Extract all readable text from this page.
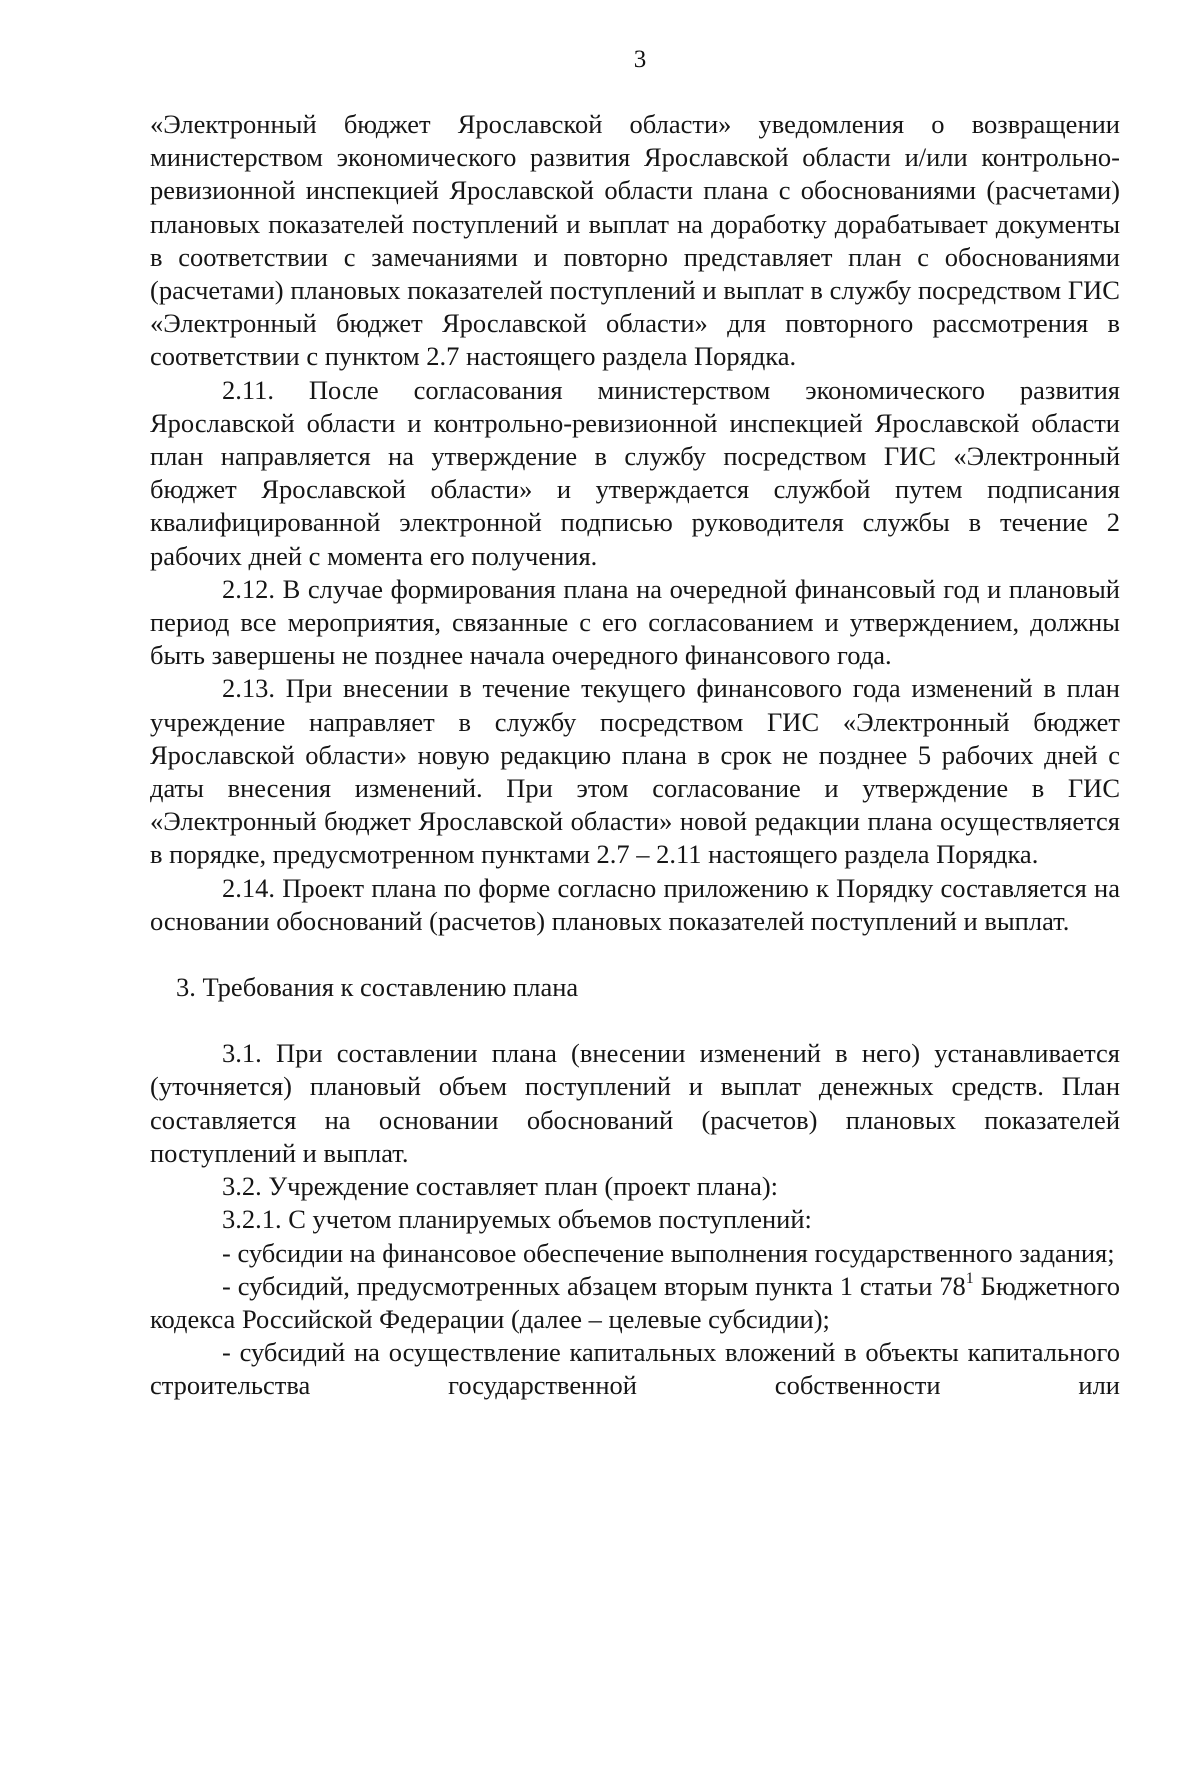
3

«Электронный бюджет Ярославской области» уведомления о возвращении министерством экономического развития Ярославской области и/или контрольно-ревизионной инспекцией Ярославской области плана с обоснованиями (расчетами) плановых показателей поступлений и выплат на доработку дорабатывает документы в соответствии с замечаниями и повторно представляет план с обоснованиями (расчетами) плановых показателей поступлений и выплат в службу посредством ГИС «Электронный бюджет Ярославской области» для повторного рассмотрения в соответствии с пунктом 2.7 настоящего раздела Порядка.

2.11. После согласования министерством экономического развития Ярославской области и контрольно-ревизионной инспекцией Ярославской области план направляется на утверждение в службу посредством ГИС «Электронный бюджет Ярославской области» и утверждается службой путем подписания квалифицированной электронной подписью руководителя службы в течение 2 рабочих дней с момента его получения.

2.12. В случае формирования плана на очередной финансовый год и плановый период все мероприятия, связанные с его согласованием и утверждением, должны быть завершены не позднее начала очередного финансового года.

2.13. При внесении в течение текущего финансового года изменений в план учреждение направляет в службу посредством ГИС «Электронный бюджет Ярославской области» новую редакцию плана в срок не позднее 5 рабочих дней с даты внесения изменений. При этом согласование и утверждение в ГИС «Электронный бюджет Ярославской области» новой редакции плана осуществляется в порядке, предусмотренном пунктами 2.7 – 2.11 настоящего раздела Порядка.

2.14. Проект плана по форме согласно приложению к Порядку составляется на основании обоснований (расчетов) плановых показателей поступлений и выплат.

3. Требования к составлению плана

3.1. При составлении плана (внесении изменений в него) устанавливается (уточняется) плановый объем поступлений и выплат денежных средств. План составляется на основании обоснований (расчетов) плановых показателей поступлений и выплат.

3.2. Учреждение составляет план (проект плана):

3.2.1. С учетом планируемых объемов поступлений:

- субсидии на финансовое обеспечение выполнения государственного задания;

- субсидий, предусмотренных абзацем вторым пункта 1 статьи $78^1$ Бюджетного кодекса Российской Федерации (далее – целевые субсидии);

- субсидий на осуществление капитальных вложений в объекты капитального строительства государственной собственности или
